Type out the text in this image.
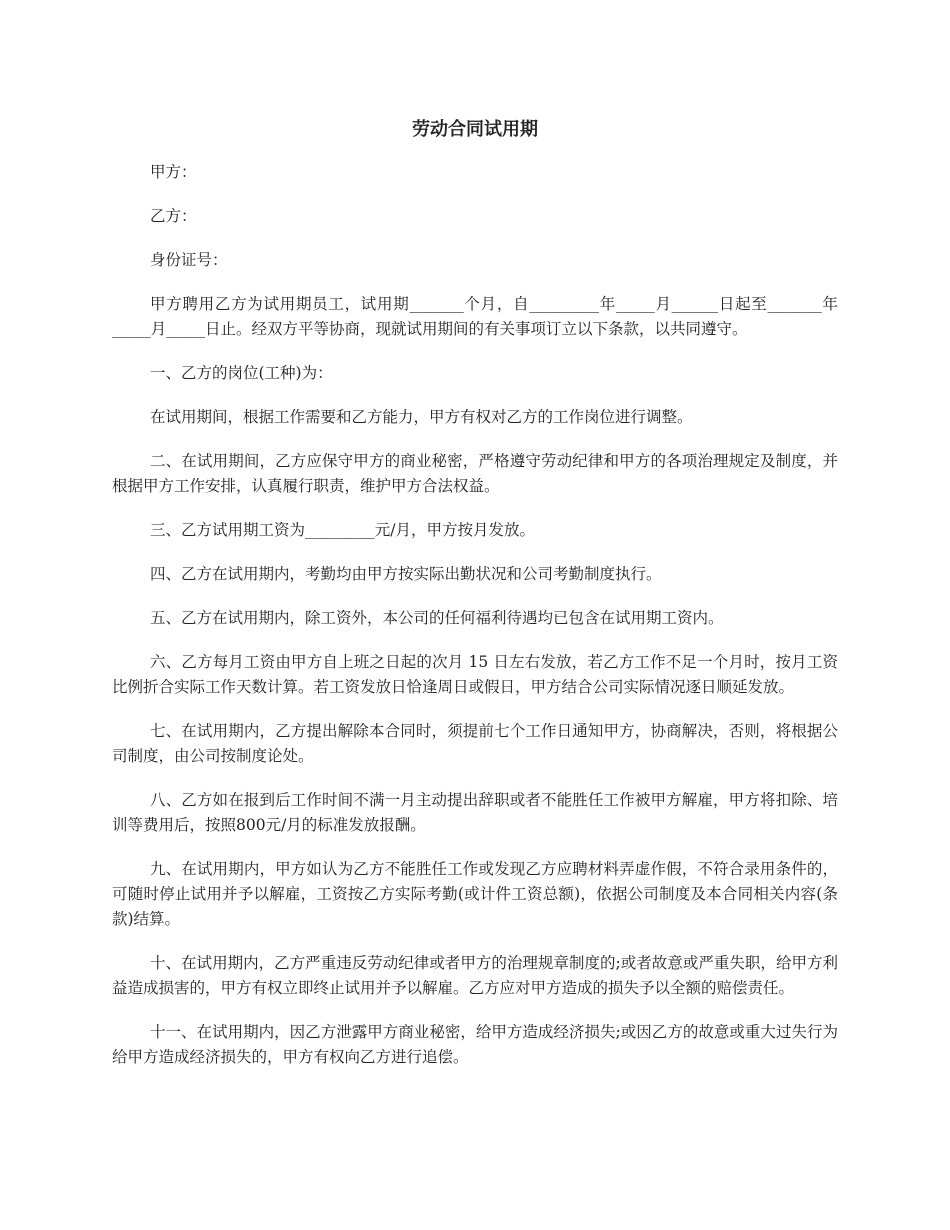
劳动合同试用期

甲方：

乙方：

身份证号：

甲方聘用乙方为试用期员工，试用期_______个月，自_________年_____月______日起至_______年_____月_____日止。经双方平等协商，现就试用期间的有关事项订立以下条款，以共同遵守。

一、乙方的岗位(工种)为：

在试用期间，根据工作需要和乙方能力，甲方有权对乙方的工作岗位进行调整。

二、在试用期间，乙方应保守甲方的商业秘密，严格遵守劳动纪律和甲方的各项治理规定及制度，并根据甲方工作安排，认真履行职责，维护甲方合法权益。

三、乙方试用期工资为_________元/月，甲方按月发放。

四、乙方在试用期内，考勤均由甲方按实际出勤状况和公司考勤制度执行。

五、乙方在试用期内，除工资外，本公司的任何福利待遇均已包含在试用期工资内。

六、乙方每月工资由甲方自上班之日起的次月 15 日左右发放，若乙方工作不足一个月时，按月工资比例折合实际工作天数计算。若工资发放日恰逢周日或假日，甲方结合公司实际情况逐日顺延发放。

七、在试用期内，乙方提出解除本合同时，须提前七个工作日通知甲方，协商解决，否则，将根据公司制度，由公司按制度论处。

八、乙方如在报到后工作时间不满一月主动提出辞职或者不能胜任工作被甲方解雇，甲方将扣除、培训等费用后，按照800元/月的标准发放报酬。

九、在试用期内，甲方如认为乙方不能胜任工作或发现乙方应聘材料弄虚作假，不符合录用条件的，可随时停止试用并予以解雇，工资按乙方实际考勤(或计件工资总额)，依据公司制度及本合同相关内容(条款)结算。

十、在试用期内，乙方严重违反劳动纪律或者甲方的治理规章制度的;或者故意或严重失职，给甲方利益造成损害的，甲方有权立即终止试用并予以解雇。乙方应对甲方造成的损失予以全额的赔偿责任。

十一、在试用期内，因乙方泄露甲方商业秘密，给甲方造成经济损失;或因乙方的故意或重大过失行为给甲方造成经济损失的，甲方有权向乙方进行追偿。
